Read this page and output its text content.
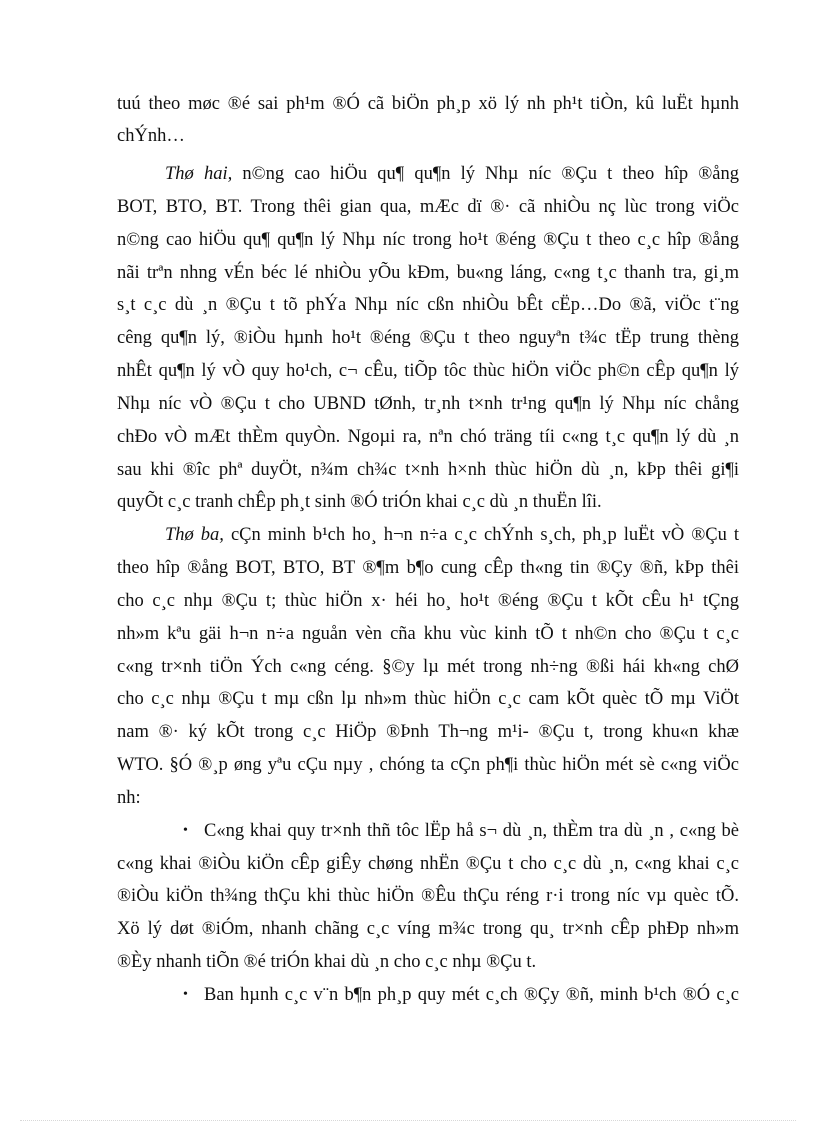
tuú theo møc ®é sai ph¹m ®Ó cã biÖn ph¸p xö lý nh ph¹t tiÒn, kû luËt hµnh
chÝnh…
Thø hai, n©ng cao hiÖu qu¶ qu¶n lý Nhµ níc ®Çu t theo hîp ®ång
BOT, BTO, BT. Trong thêi gian qua, mÆc dï ®· cã nhiÒu nç lùc trong viÖc
n©ng cao hiÖu qu¶ qu¶n lý Nhµ níc trong ho¹t ®éng ®Çu t theo c¸c hîp ®ång
nãi trªn nhng vÉn béc lé nhiÒu yÕu kÐm, bu«ng láng, c«ng t¸c thanh tra, gi¸m
s¸t c¸c dù ¸n ®Çu t tõ phÝa Nhµ níc cßn nhiÒu bÊt cËp…Do ®ã, viÖc t¨ng
cêng qu¶n lý, ®iÒu hµnh ho¹t ®éng ®Çu t theo nguyªn t¾c tËp trung thèng
nhÊt qu¶n lý vÒ quy ho¹ch, c¬ cÊu, tiÕp tôc thùc hiÖn viÖc ph©n cÊp qu¶n lý
Nhµ níc vÒ ®Çu t cho UBND tØnh, tr¸nh t×nh tr¹ng qu¶n lý Nhµ níc chång
chÐo vÒ mÆt thÈm quyÒn. Ngoµi ra, nªn chó träng tíi c«ng t¸c qu¶n lý dù ¸n
sau khi ®îc phª duyÖt, n¾m ch¾c t×nh h×nh thùc hiÖn dù ¸n, kÞp thêi gi¶i
quyÕt c¸c tranh chÊp ph¸t sinh ®Ó triÓn khai c¸c dù ¸n thuËn lîi.
Thø ba, cÇn minh b¹ch ho¸ h¬n n÷a c¸c chÝnh s¸ch, ph¸p luËt vÒ ®Çu t
theo hîp ®ång BOT, BTO, BT ®¶m b¶o cung cÊp th«ng tin ®Çy ®ñ, kÞp thêi
cho c¸c nhµ ®Çu t; thùc hiÖn x· héi ho¸ ho¹t ®éng ®Çu t kÕt cÊu h¹ tÇng
nh»m kªu gäi h¬n n÷a nguån vèn cña khu vùc kinh tÕ t nh©n cho ®Çu t c¸c
c«ng tr×nh tiÖn Ých c«ng céng. §©y lµ mét trong nh÷ng ®ßi hái kh«ng chØ
cho c¸c nhµ ®Çu t mµ cßn lµ nh»m thùc hiÖn c¸c cam kÕt quèc tÕ mµ ViÖt
nam ®· ký kÕt trong c¸c HiÖp ®Þnh Th¬ng m¹i- ®Çu t, trong khu«n khæ
WTO. §Ó ®¸p øng yªu cÇu nµy , chóng ta cÇn ph¶i thùc hiÖn mét sè c«ng viÖc
nh:
• C«ng khai quy tr×nh thñ tôc lËp hå s¬ dù ¸n, thÈm tra dù ¸n , c«ng bè
c«ng khai ®iÒu kiÖn cÊp giÊy chøng nhËn ®Çu t cho c¸c dù ¸n, c«ng khai c¸c
®iÒu kiÖn th¾ng thÇu khi thùc hiÖn ®Êu thÇu réng r·i trong níc vµ quèc tÕ.
Xö lý døt ®iÓm, nhanh chãng c¸c víng m¾c trong qu¸ tr×nh cÊp phÐp nh»m
®Èy nhanh tiÕn ®é triÓn khai dù ¸n cho c¸c nhµ ®Çu t.
• Ban hµnh c¸c v¨n b¶n ph¸p quy mét c¸ch ®Çy ®ñ, minh b¹ch ®Ó c¸c
